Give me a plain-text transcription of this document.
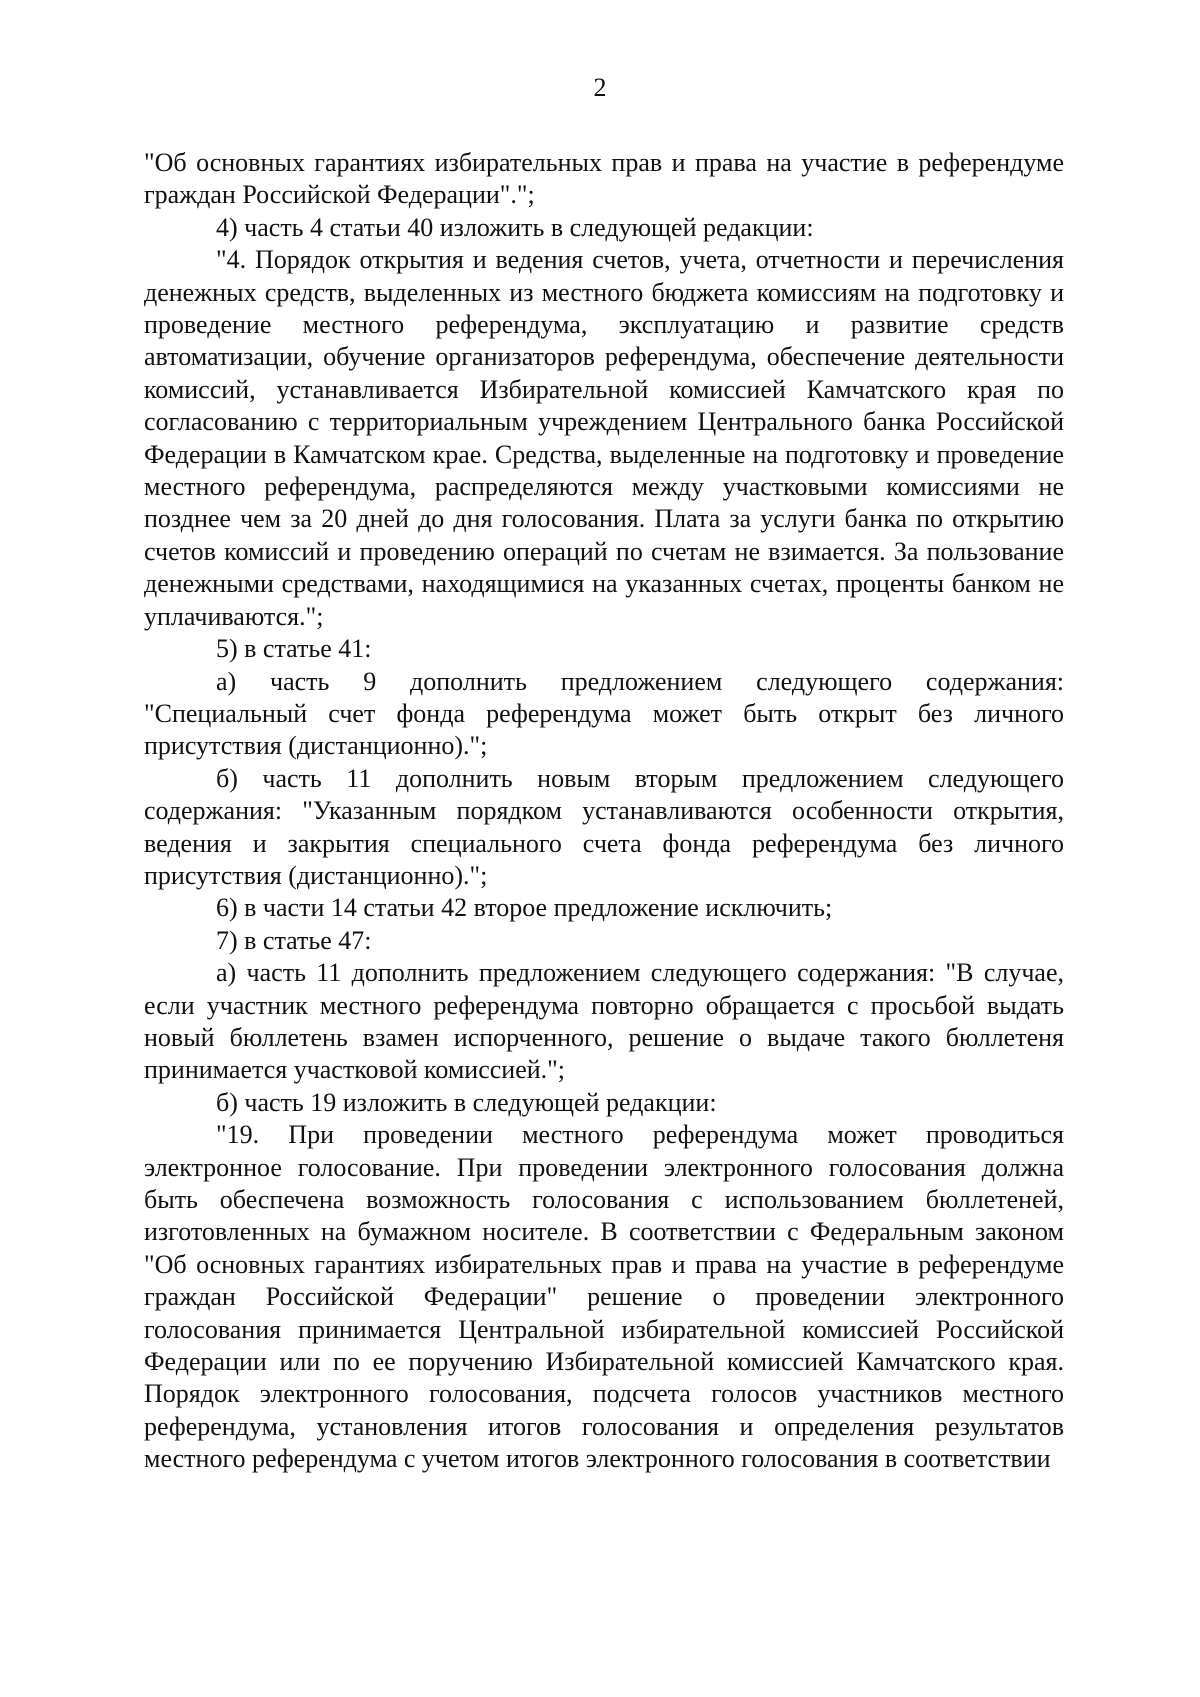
2

"Об основных гарантиях избирательных прав и права на участие в референдуме граждан Российской Федерации".";

4) часть 4 статьи 40 изложить в следующей редакции:

"4. Порядок открытия и ведения счетов, учета, отчетности и перечисления денежных средств, выделенных из местного бюджета комиссиям на подготовку и проведение местного референдума, эксплуатацию и развитие средств автоматизации, обучение организаторов референдума, обеспечение деятельности комиссий, устанавливается Избирательной комиссией Камчатского края по согласованию с территориальным учреждением Центрального банка Российской Федерации в Камчатском крае. Средства, выделенные на подготовку и проведение местного референдума, распределяются между участковыми комиссиями не позднее чем за 20 дней до дня голосования. Плата за услуги банка по открытию счетов комиссий и проведению операций по счетам не взимается. За пользование денежными средствами, находящимися на указанных счетах, проценты банком не уплачиваются.";

5) в статье 41:

а) часть 9 дополнить предложением следующего содержания: "Специальный счет фонда референдума может быть открыт без личного присутствия (дистанционно).";

б) часть 11 дополнить новым вторым предложением следующего содержания: "Указанным порядком устанавливаются особенности открытия, ведения и закрытия специального счета фонда референдума без личного присутствия (дистанционно).";

6) в части 14 статьи 42 второе предложение исключить;

7) в статье 47:

а) часть 11 дополнить предложением следующего содержания: "В случае, если участник местного референдума повторно обращается с просьбой выдать новый бюллетень взамен испорченного, решение о выдаче такого бюллетеня принимается участковой комиссией.";

б) часть 19 изложить в следующей редакции:

"19. При проведении местного референдума может проводиться электронное голосование. При проведении электронного голосования должна быть обеспечена возможность голосования с использованием бюллетеней, изготовленных на бумажном носителе. В соответствии с Федеральным законом "Об основных гарантиях избирательных прав и права на участие в референдуме граждан Российской Федерации" решение о проведении электронного голосования принимается Центральной избирательной комиссией Российской Федерации или по ее поручению Избирательной комиссией Камчатского края. Порядок электронного голосования, подсчета голосов участников местного референдума, установления итогов голосования и определения результатов местного референдума с учетом итогов электронного голосования в соответствии
